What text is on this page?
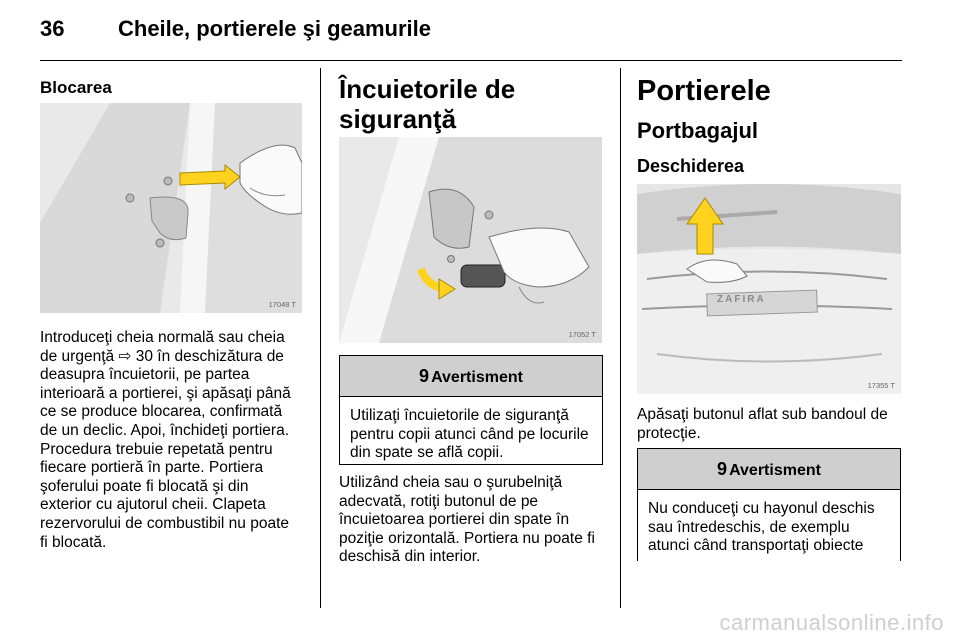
36 Cheile, portierele şi geamurile
Blocarea
17048 T
Introduceţi cheia normală sau cheia
de urgenţă ⇨ 30 în deschizătura de
deasupra încuietorii, pe partea
interioară a portierei, şi apăsaţi până
ce se produce blocarea, confirmată
de un declic. Apoi, închideţi portiera.
Procedura trebuie repetată pentru
fiecare portieră în parte. Portiera
şoferului poate fi blocată şi din
exterior cu ajutorul cheii. Clapeta
rezervorului de combustibil nu poate
fi blocată.
Încuietorile de siguranţă
17052 T
9 Avertisment
Utilizaţi încuietorile de siguranţă
pentru copii atunci când pe locurile
din spate se află copii.
Utilizând cheia sau o şurubelniţă
adecvată, rotiţi butonul de pe
încuietoarea portierei din spate în
poziţie orizontală. Portiera nu poate fi
deschisă din interior.
Portierele
Portbagajul
Deschiderea
ZAFIRA
17355 T
Apăsaţi butonul aflat sub bandoul de
protecţie.
9 Avertisment
Nu conduceţi cu hayonul deschis
sau întredeschis, de exemplu
atunci când transportaţi obiecte
carmanualsonline.info
